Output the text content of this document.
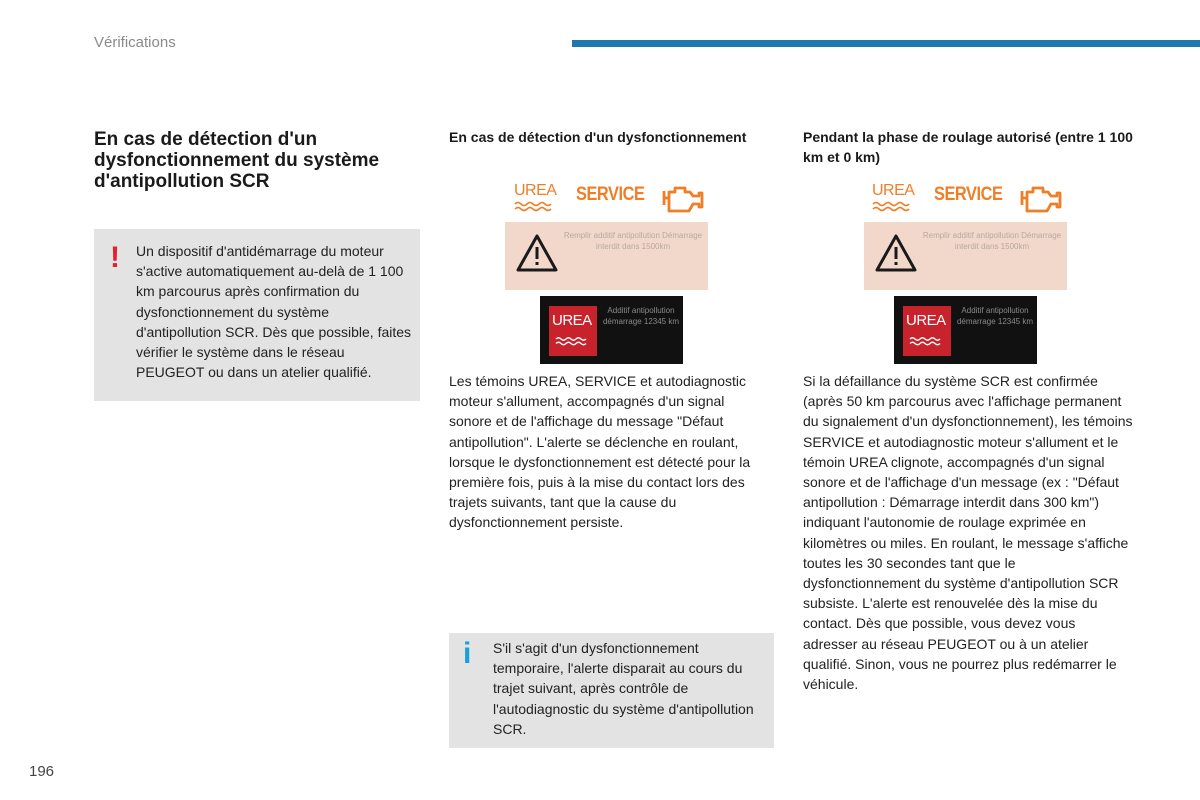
Vérifications
En cas de détection d'un dysfonctionnement du système d'antipollution SCR
! Un dispositif d'antidémarrage du moteur s'active automatiquement au-delà de 1 100 km parcourus après confirmation du dysfonctionnement du système d'antipollution SCR. Dès que possible, faites vérifier le système dans le réseau PEUGEOT ou dans un atelier qualifié.
En cas de détection d'un dysfonctionnement
UREA SERVICE
Remplir additif antipollution Démarrage interdit dans 1500km
UREA
Additif antipollution démarrage 12345 km
Les témoins UREA, SERVICE et autodiagnostic moteur s'allument, accompagnés d'un signal sonore et de l'affichage du message "Défaut antipollution". L'alerte se déclenche en roulant, lorsque le dysfonctionnement est détecté pour la première fois, puis à la mise du contact lors des trajets suivants, tant que la cause du dysfonctionnement persiste.
i S'il s'agit d'un dysfonctionnement temporaire, l'alerte disparait au cours du trajet suivant, après contrôle de l'autodiagnostic du système d'antipollution SCR.
Pendant la phase de roulage autorisé (entre 1 100 km et 0 km)
UREA SERVICE
Remplir additif antipollution Démarrage interdit dans 1500km
UREA
Additif antipollution démarrage 12345 km
Si la défaillance du système SCR est confirmée (après 50 km parcourus avec l'affichage permanent du signalement d'un dysfonctionnement), les témoins SERVICE et autodiagnostic moteur s'allument et le témoin UREA clignote, accompagnés d'un signal sonore et de l'affichage d'un message (ex : "Défaut antipollution : Démarrage interdit dans 300 km") indiquant l'autonomie de roulage exprimée en kilomètres ou miles. En roulant, le message s'affiche toutes les 30 secondes tant que le dysfonctionnement du système d'antipollution SCR subsiste. L'alerte est renouvelée dès la mise du contact. Dès que possible, vous devez vous adresser au réseau PEUGEOT ou à un atelier qualifié. Sinon, vous ne pourrez plus redémarrer le véhicule.
196
